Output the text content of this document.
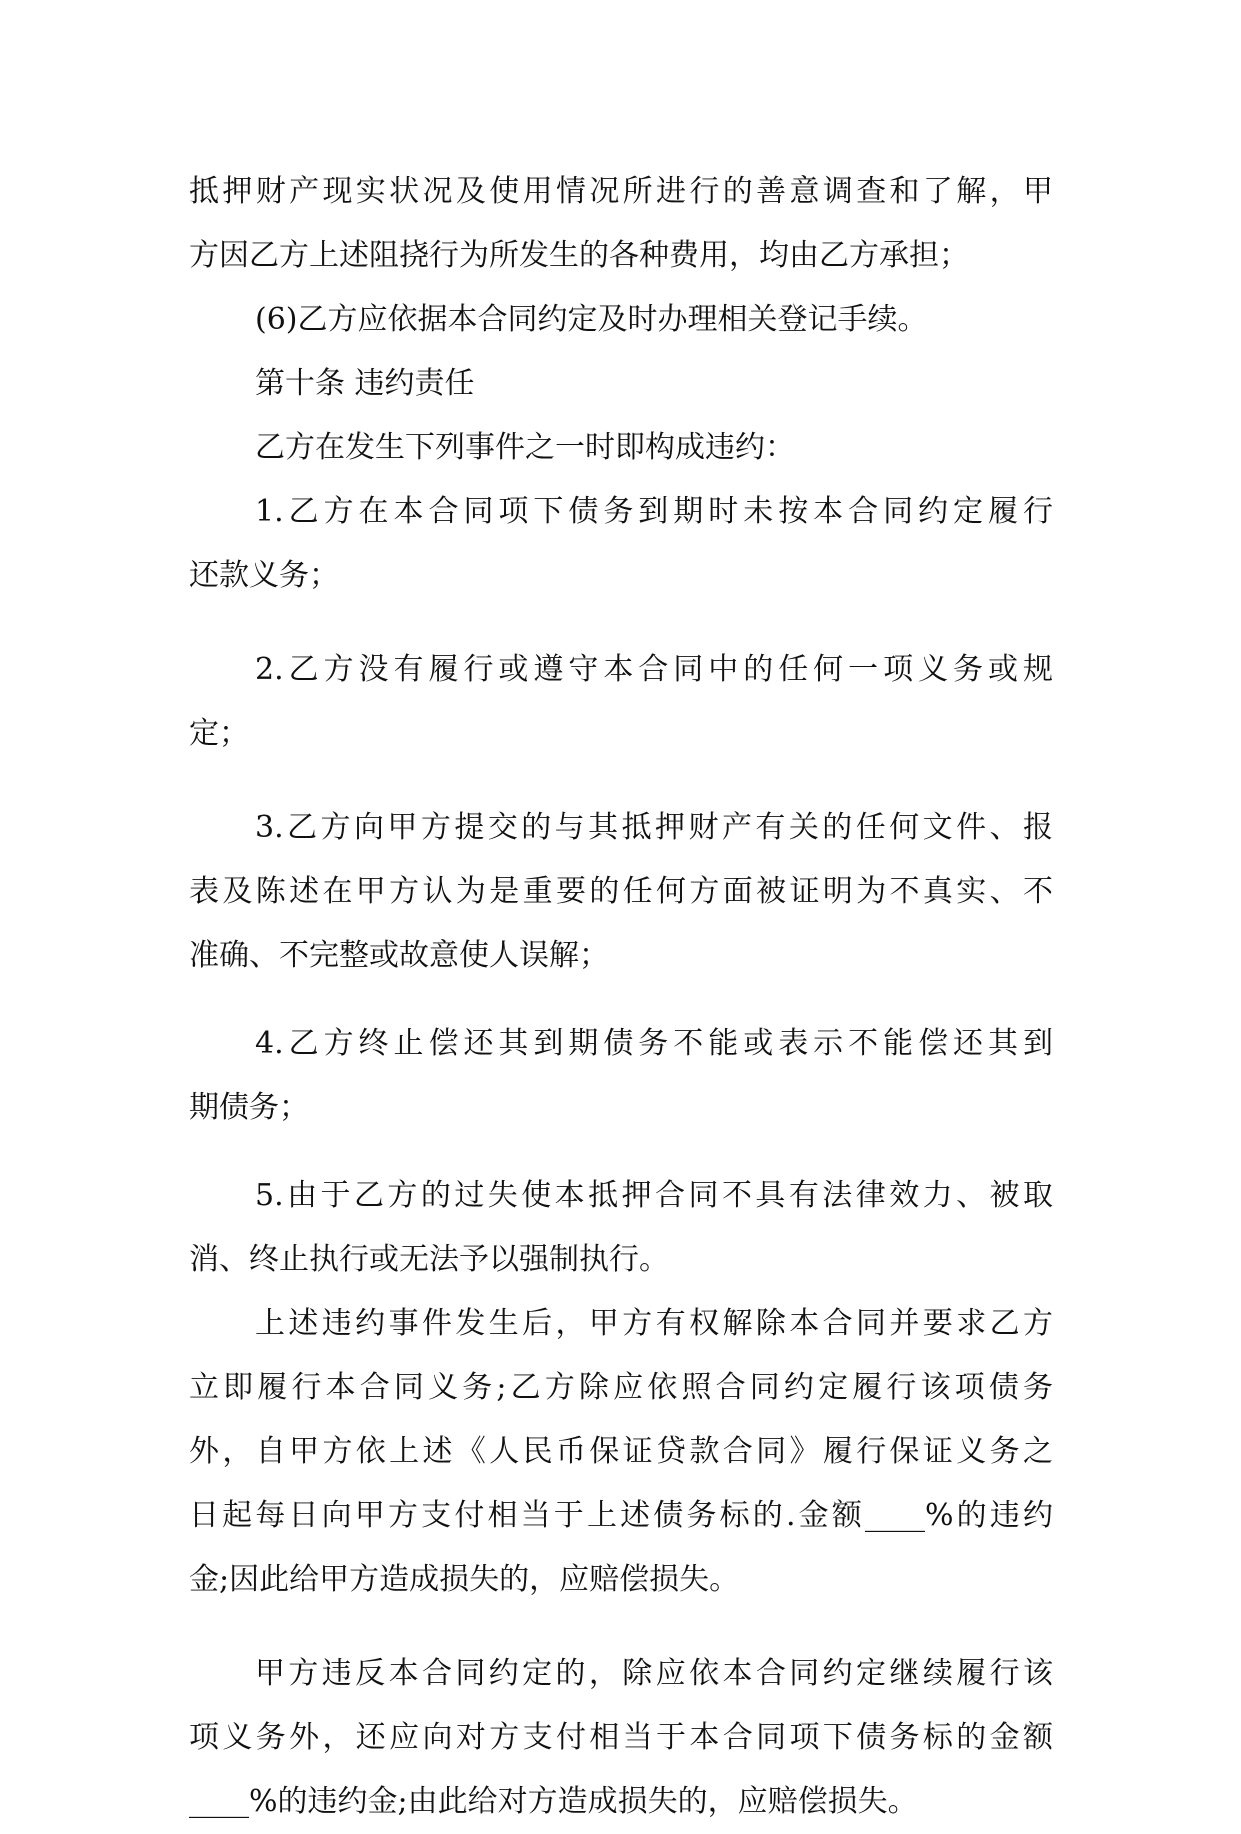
抵押财产现实状况及使用情况所进行的善意调查和了解，甲
方因乙方上述阻挠行为所发生的各种费用，均由乙方承担；
(6)乙方应依据本合同约定及时办理相关登记手续。
第十条 违约责任
乙方在发生下列事件之一时即构成违约：
1.乙方在本合同项下债务到期时未按本合同约定履行
还款义务；
2.乙方没有履行或遵守本合同中的任何一项义务或规
定；
3.乙方向甲方提交的与其抵押财产有关的任何文件、报
表及陈述在甲方认为是重要的任何方面被证明为不真实、不
准确、不完整或故意使人误解；
4.乙方终止偿还其到期债务不能或表示不能偿还其到
期债务；
5.由于乙方的过失使本抵押合同不具有法律效力、被取
消、终止执行或无法予以强制执行。
上述违约事件发生后，甲方有权解除本合同并要求乙方
立即履行本合同义务;乙方除应依照合同约定履行该项债务
外，自甲方依上述《人民币保证贷款合同》履行保证义务之
日起每日向甲方支付相当于上述债务标的.金额____%的违约
金;因此给甲方造成损失的，应赔偿损失。
甲方违反本合同约定的，除应依本合同约定继续履行该
项义务外，还应向对方支付相当于本合同项下债务标的金额
____%的违约金;由此给对方造成损失的，应赔偿损失。
